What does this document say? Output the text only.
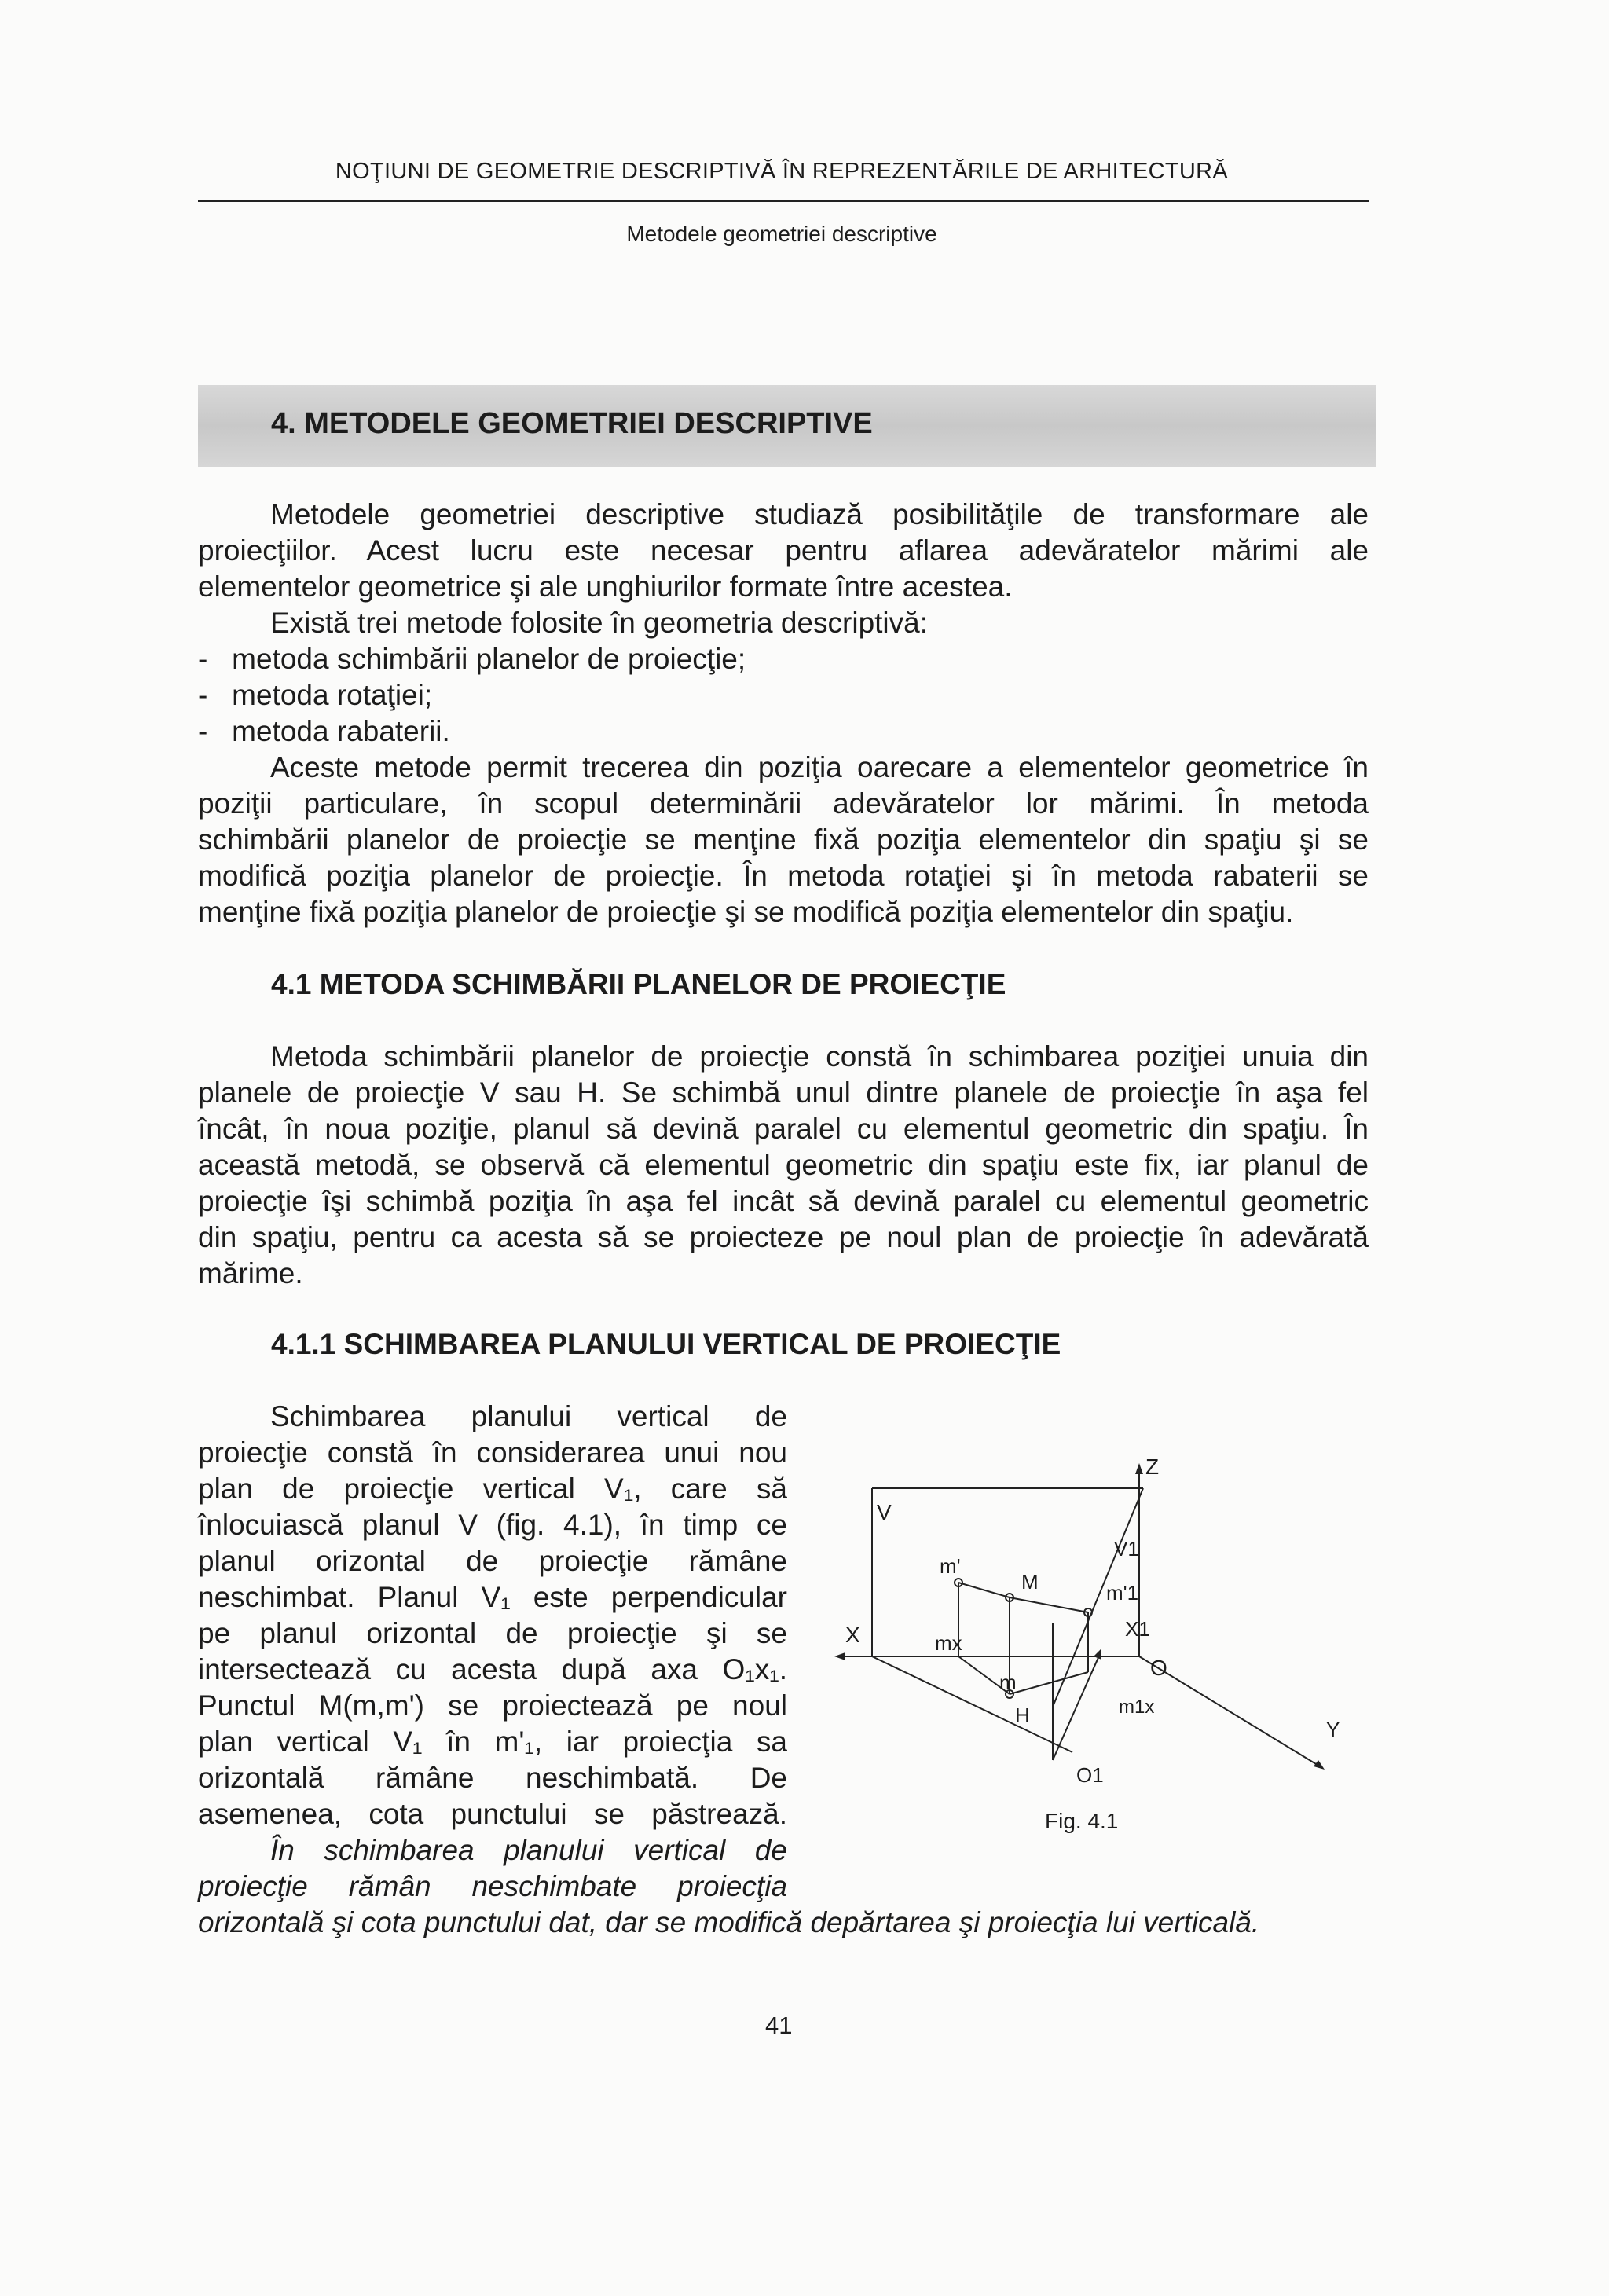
NOŢIUNI DE GEOMETRIE DESCRIPTIVĂ ÎN REPREZENTĂRILE DE ARHITECTURĂ
Metodele geometriei descriptive
4. METODELE GEOMETRIEI DESCRIPTIVE
Metodele geometriei descriptive studiază posibilităţile de transformare ale
proiecţiilor. Acest lucru este necesar pentru aflarea adevăratelor mărimi ale
elementelor geometrice şi ale unghiurilor formate între acestea.
Există trei metode folosite în geometria descriptivă:
-   metoda schimbării planelor de proiecţie;
-   metoda rotaţiei;
-   metoda rabaterii.
Aceste metode permit trecerea din poziţia oarecare a elementelor geometrice în
poziţii particulare, în scopul determinării adevăratelor lor mărimi. În metoda
schimbării planelor de proiecţie se menţine fixă poziţia elementelor din spaţiu şi se
modifică poziţia planelor de proiecţie. În metoda rotaţiei şi în metoda rabaterii se
menţine fixă poziţia planelor de proiecţie şi se modifică poziţia elementelor din spaţiu.
4.1 METODA SCHIMBĂRII PLANELOR DE PROIECŢIE
Metoda schimbării planelor de proiecţie constă în schimbarea poziţiei unuia din
planele de proiecţie V sau H. Se schimbă unul dintre planele de proiecţie în aşa fel
încât, în noua poziţie, planul să devină paralel cu elementul geometric din spaţiu. În
această metodă, se observă că elementul geometric din spaţiu este fix, iar planul de
proiecţie îşi schimbă poziţia în aşa fel incât să devină paralel cu elementul geometric
din spaţiu, pentru ca acesta să se proiecteze pe noul plan de proiecţie în adevărată
mărime.
4.1.1 SCHIMBAREA PLANULUI VERTICAL DE PROIECŢIE
Schimbarea planului vertical de
proiecţie constă în considerarea unui nou
plan de proiecţie vertical V₁, care să
înlocuiască planul V (fig. 4.1), în timp ce
planul orizontal de proiecţie rămâne
neschimbat. Planul V₁ este perpendicular
pe planul orizontal de proiecţie şi se
intersectează cu acesta după axa O₁x₁.
Punctul M(m,m') se proiectează pe noul
plan vertical V₁ în m'₁, iar proiecţia sa
orizontală rămâne neschimbată. De
asemenea, cota punctului se păstrează.
În schimbarea planului vertical de
proiecţie rămân neschimbate proiecţia
orizontală şi cota punctului dat, dar se modifică depărtarea şi proiecţia lui verticală.
V
Z
V1
m'
M	m'1
X	X1
mx
O
m
H	m1x
Y
O1
Fig. 4.1
41
